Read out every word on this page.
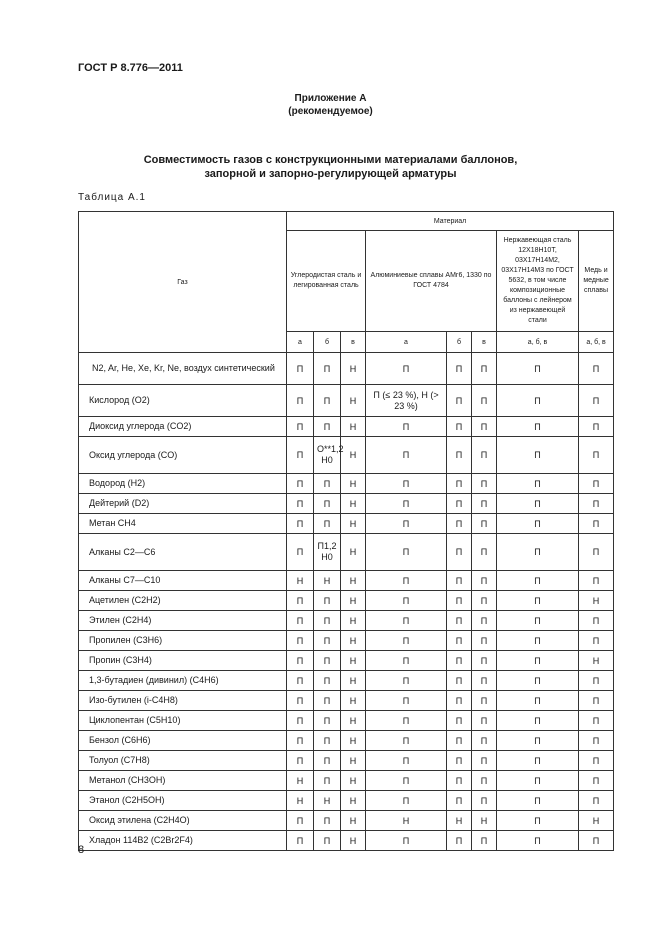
ГОСТ Р 8.776—2011
Приложение А
(рекомендуемое)
Совместимость газов с конструкционными материалами баллонов,
запорной и запорно-регулирующей арматуры
Таблица А.1
Газ	Материал							
	Углеродистая сталь и легированная сталь			Алюминиевые сплавы АМг6, 1330 по ГОСТ 4784			Нержавеющая сталь 12Х18Н10Т, 03Х17Н14М2, 03Х17Н14М3 по ГОСТ 5632, в том числе композиционные баллоны с лейнером из нержавеющей стали	Медь и медные сплавы
	а	б	в	а	б	в	а, б, в	а, б, в
N2, Ar, He, Xe, Kr, Ne, воздух синтетический	П	П	Н	П	П	П	П	П
Кислород (O2)	П	П	Н	П (≤ 23 %), Н (> 23 %)	П	П	П	П
Диоксид углерода (CO2)	П	П	Н	П	П	П	П	П
Оксид углерода (CO)	П	O**1,2 H0	Н	П	П	П	П	П
Водород (H2)	П	П	Н	П	П	П	П	П
Дейтерий (D2)	П	П	Н	П	П	П	П	П
Метан CH4	П	П	Н	П	П	П	П	П
Алканы C2—C6	П	П1,2 H0	Н	П	П	П	П	П
Алканы C7—C10	Н	Н	Н	П	П	П	П	П
Ацетилен (C2H2)	П	П	Н	П	П	П	П	Н
Этилен (C2H4)	П	П	Н	П	П	П	П	П
Пропилен (C3H6)	П	П	Н	П	П	П	П	П
Пропин (C3H4)	П	П	Н	П	П	П	П	Н
1,3-бутадиен (дивинил) (C4H6)	П	П	Н	П	П	П	П	П
Изо-бутилен (i-C4H8)	П	П	Н	П	П	П	П	П
Циклопентан (C5H10)	П	П	Н	П	П	П	П	П
Бензол (C6H6)	П	П	Н	П	П	П	П	П
Толуол (C7H8)	П	П	Н	П	П	П	П	П
Метанол (CH3OH)	Н	П	Н	П	П	П	П	П
Этанол (C2H5OH)	Н	Н	Н	П	П	П	П	П
Оксид этилена (C2H4O)	П	П	Н	Н	Н	Н	П	Н
Хладон 114В2 (C2Br2F4)	П	П	Н	П	П	П	П	П
8
